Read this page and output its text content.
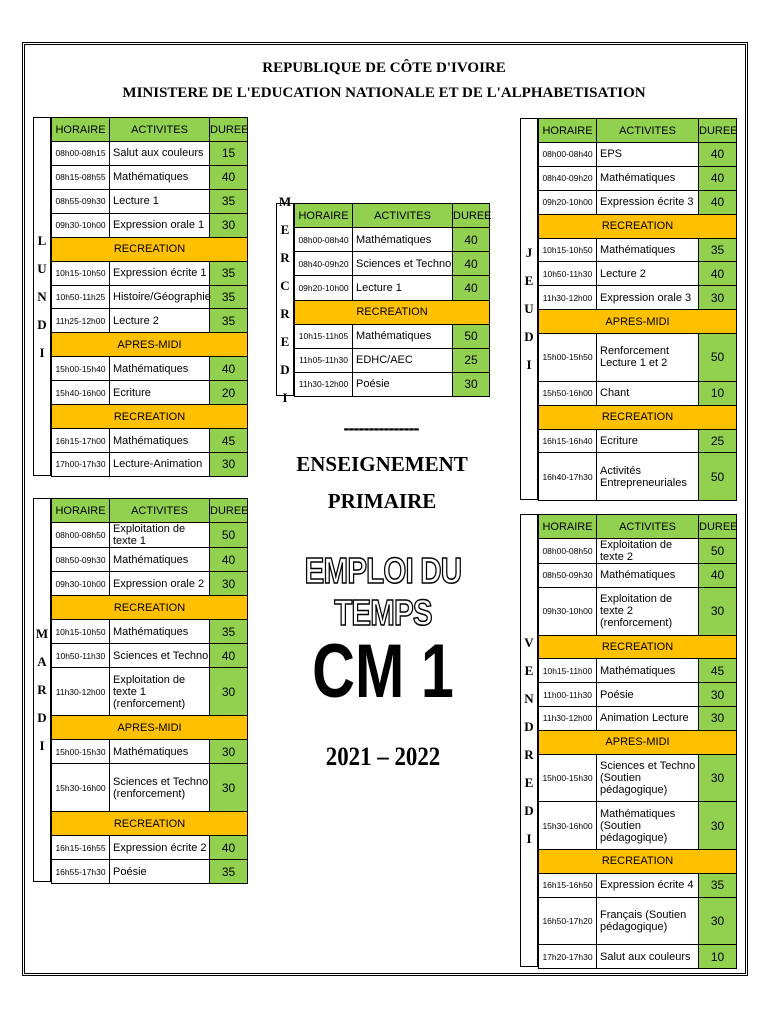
REPUBLIQUE DE CÔTE D'IVOIRE
MINISTERE DE L'EDUCATION NATIONALE ET DE L'ALPHABETISATION
L
U
N
D
I
HORAIRE	ACTIVITES	DUREE
08h00-08h15	Salut aux couleurs	15
08h15-08h55	Mathématiques	40
08h55-09h30	Lecture 1	35
09h30-10h00	Expression orale 1	30
RECREATION		
10h15-10h50	Expression écrite 1	35
10h50-11h25	Histoire/Géographie	35
11h25-12h00	Lecture 2	35
APRES-MIDI		
15h00-15h40	Mathématiques	40
15h40-16h00	Ecriture	20
RECREATION		
16h15-17h00	Mathématiques	45
17h00-17h30	Lecture-Animation	30
M
A
R
D
I
HORAIRE	ACTIVITES	DUREE
08h00-08h50	Exploitation de texte 1	50
08h50-09h30	Mathématiques	40
09h30-10h00	Expression orale 2	30
RECREATION		
10h15-10h50	Mathématiques	35
10h50-11h30	Sciences et Techno	40
11h30-12h00	Exploitation de texte 1 (renforcement)	30
APRES-MIDI		
15h00-15h30	Mathématiques	30
15h30-16h00	Sciences et Techno (renforcement)	30
RECREATION		
16h15-16h55	Expression écrite 2	40
16h55-17h30	Poésie	35
M
E
R
C
R
E
D
I
HORAIRE	ACTIVITES	DUREE
08h00-08h40	Mathématiques	40
08h40-09h20	Sciences et Techno	40
09h20-10h00	Lecture 1	40
RECREATION		
10h15-11h05	Mathématiques	50
11h05-11h30	EDHC/AEC	25
11h30-12h00	Poésie	30
J
E
U
D
I
HORAIRE	ACTIVITES	DUREE
08h00-08h40	EPS	40
08h40-09h20	Mathématiques	40
09h20-10h00	Expression écrite 3	40
RECREATION		
10h15-10h50	Mathématiques	35
10h50-11h30	Lecture 2	40
11h30-12h00	Expression orale 3	30
APRES-MIDI		
15h00-15h50	Renforcement Lecture 1 et 2	50
15h50-16h00	Chant	10
RECREATION		
16h15-16h40	Ecriture	25
16h40-17h30	Activités Entrepreneuriales	50
V
E
N
D
R
E
D
I
HORAIRE	ACTIVITES	DUREE
08h00-08h50	Exploitation de texte 2	50
08h50-09h30	Mathématiques	40
09h30-10h00	Exploitation de texte 2 (renforcement)	30
RECREATION		
10h15-11h00	Mathématiques	45
11h00-11h30	Poésie	30
11h30-12h00	Animation Lecture	30
APRES-MIDI		
15h00-15h30	Sciences et Techno (Soutien pédagogique)	30
15h30-16h00	Mathématiques (Soutien pédagogique)	30
RECREATION		
16h15-16h50	Expression écrite 4	35
16h50-17h20	Français (Soutien pédagogique)	30
17h20-17h30	Salut aux couleurs	10
---------------
ENSEIGNEMENT
PRIMAIRE
EMPLOI DU TEMPS
CM 1
2021 – 2022
